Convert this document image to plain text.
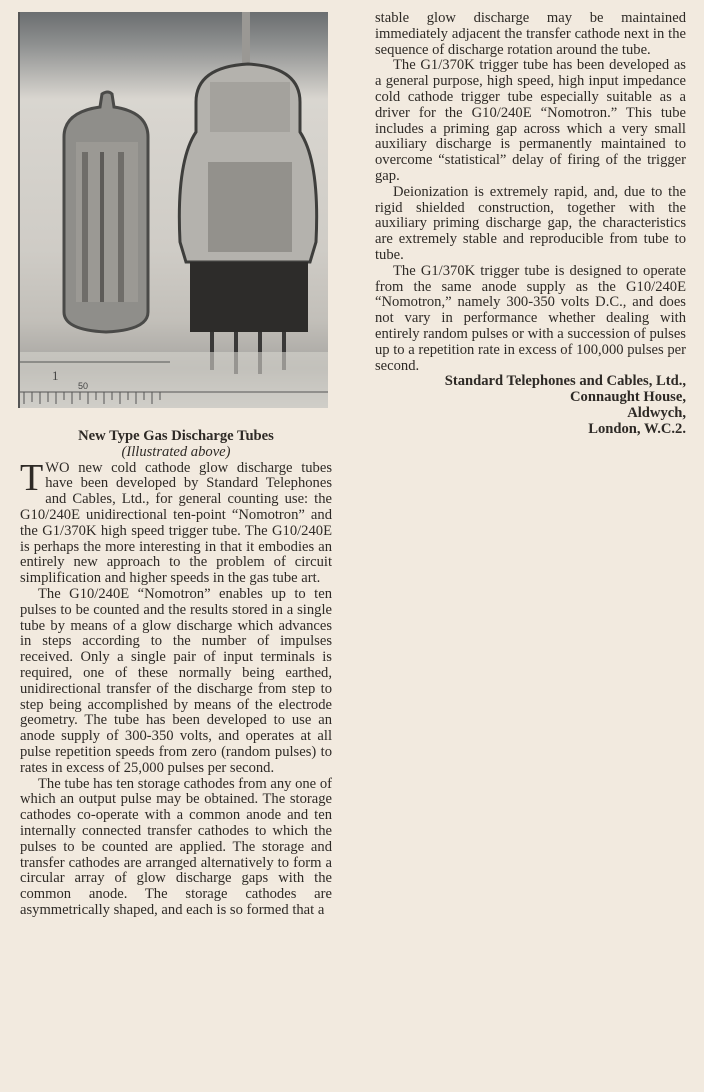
1
50
New Type Gas Discharge Tubes
(Illustrated above)

TWO new cold cathode glow discharge tubes have been developed by Standard Telephones and Cables, Ltd., for general counting use: the G10/240E unidirectional ten-point “Nomotron” and the G1/370K high speed trigger tube. The G10/240E is perhaps the more interesting in that it embodies an entirely new approach to the problem of circuit simplification and higher speeds in the gas tube art.

The G10/240E “Nomotron” enables up to ten pulses to be counted and the results stored in a single tube by means of a glow discharge which advances in steps according to the number of impulses received. Only a single pair of input terminals is required, one of these normally being earthed, unidirectional transfer of the discharge from step to step being accomplished by means of the electrode geometry. The tube has been developed to use an anode supply of 300-350 volts, and operates at all pulse repetition speeds from zero (random pulses) to rates in excess of 25,000 pulses per second.

The tube has ten storage cathodes from any one of which an output pulse may be obtained. The storage cathodes co-operate with a common anode and ten internally connected transfer cathodes to which the pulses to be counted are applied. The storage and transfer cathodes are arranged alternatively to form a circular array of glow discharge gaps with the common anode. The storage cathodes are asymmetrically shaped, and each is so formed that a

stable glow discharge may be maintained immediately adjacent the transfer cathode next in the sequence of discharge rotation around the tube.

The G1/370K trigger tube has been developed as a general purpose, high speed, high input impedance cold cathode trigger tube especially suitable as a driver for the G10/240E “Nomotron.” This tube includes a priming gap across which a very small auxiliary discharge is permanently maintained to overcome “statistical” delay of firing of the trigger gap.

Deionization is extremely rapid, and, due to the rigid shielded construction, together with the auxiliary priming discharge gap, the characteristics are extremely stable and reproducible from tube to tube.

The G1/370K trigger tube is designed to operate from the same anode supply as the G10/240E “Nomotron,” namely 300-350 volts D.C., and does not vary in performance whether dealing with entirely random pulses or with a succession of pulses up to a repetition rate in excess of 100,000 pulses per second.

Standard Telephones and Cables, Ltd.,
Connaught House,
Aldwych,
London, W.C.2.
